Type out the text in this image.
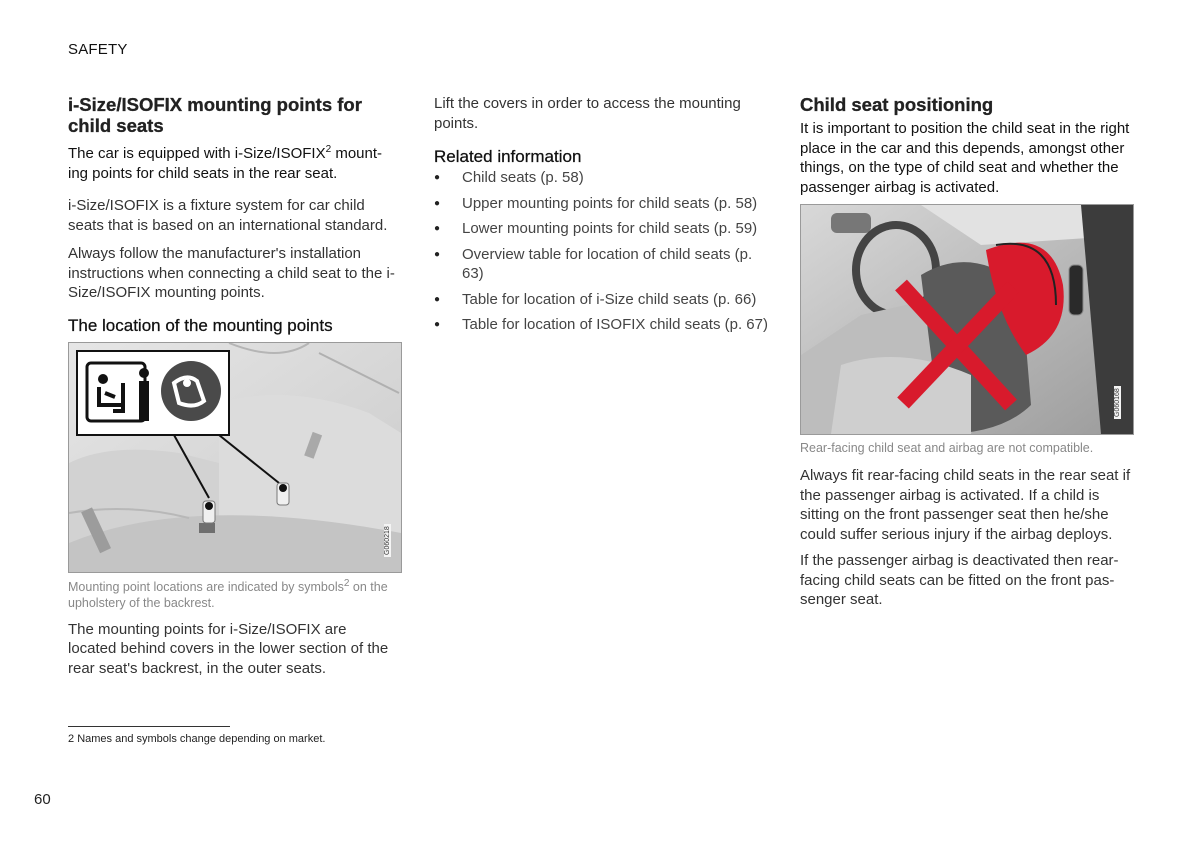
SAFETY
i-Size/ISOFIX mounting points for child seats

The car is equipped with i-Size/ISOFIX$^2$ mount-ing points for child seats in the rear seat.

i-Size/ISOFIX is a fixture system for car child seats that is based on an international standard.

Always follow the manufacturer's installation instructions when connecting a child seat to the i-Size/ISOFIX mounting points.

The location of the mounting points
G060218

Mounting point locations are indicated by symbols$^2$ on the upholstery of the backrest.

The mounting points for i-Size/ISOFIX are located behind covers in the lower section of the rear seat's backrest, in the outer seats.

Lift the covers in order to access the mounting points.

Related information
● Child seats (p. 58)
● Upper mounting points for child seats (p. 58)
● Lower mounting points for child seats (p. 59)
● Overview table for location of child seats (p. 63)
● Table for location of i-Size child seats (p. 66)
● Table for location of ISOFIX child seats (p. 67)
Child seat positioning

It is important to position the child seat in the right place in the car and this depends, amongst other things, on the type of child seat and whether the passenger airbag is activated.

G060168

Rear-facing child seat and airbag are not compatible.

Always fit rear-facing child seats in the rear seat if the passenger airbag is activated. If a child is sitting on the front passenger seat then he/she could suffer serious injury if the airbag deploys.

If the passenger airbag is deactivated then rear-facing child seats can be fitted on the front pas-senger seat.

2 Names and symbols change depending on market.
60
